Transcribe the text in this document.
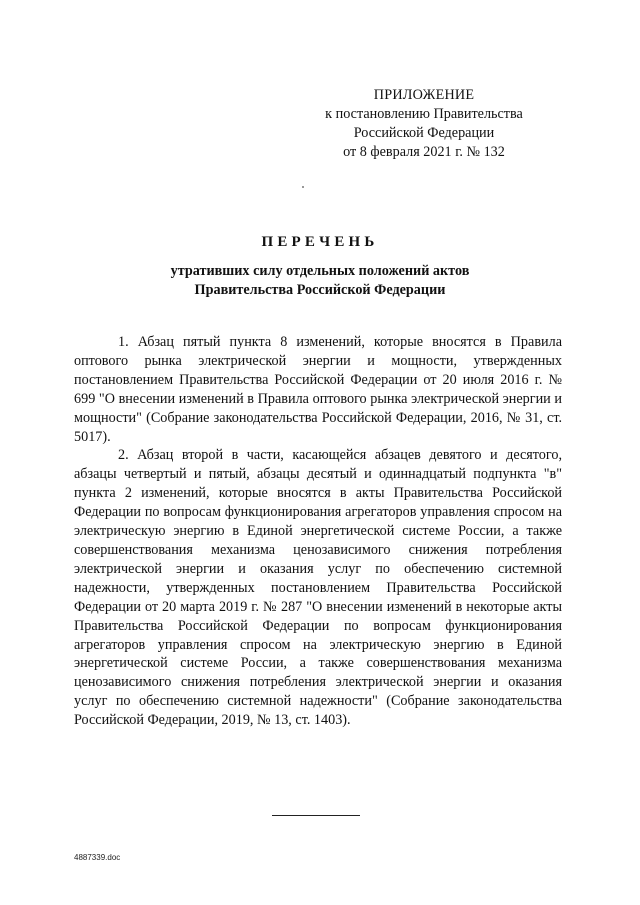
ПРИЛОЖЕНИЕ
к постановлению Правительства
Российской Федерации
от 8 февраля 2021 г. № 132
ПЕРЕЧЕНЬ
утративших силу отдельных положений актов
Правительства Российской Федерации

1. Абзац пятый пункта 8 изменений, которые вносятся в Правила оптового рынка электрической энергии и мощности, утвержденных постановлением Правительства Российской Федерации от 20 июля 2016 г. № 699 "О внесении изменений в Правила оптового рынка электрической энергии и мощности" (Собрание законодательства Российской Федерации, 2016, № 31, ст. 5017).

2. Абзац второй в части, касающейся абзацев девятого и десятого, абзацы четвертый и пятый, абзацы десятый и одиннадцатый подпункта "в" пункта 2 изменений, которые вносятся в акты Правительства Российской Федерации по вопросам функционирования агрегаторов управления спросом на электрическую энергию в Единой энергетической системе России, а также совершенствования механизма ценозависимого снижения потребления электрической энергии и оказания услуг по обеспечению системной надежности, утвержденных постановлением Правительства Российской Федерации от 20 марта 2019 г. № 287 "О внесении изменений в некоторые акты Правительства Российской Федерации по вопросам функционирования агрегаторов управления спросом на электрическую энергию в Единой энергетической системе России, а также совершенствования механизма ценозависимого снижения потребления электрической энергии и оказания услуг по обеспечению системной надежности" (Собрание законодательства Российской Федерации, 2019, № 13, ст. 1403).

4887339.doc
